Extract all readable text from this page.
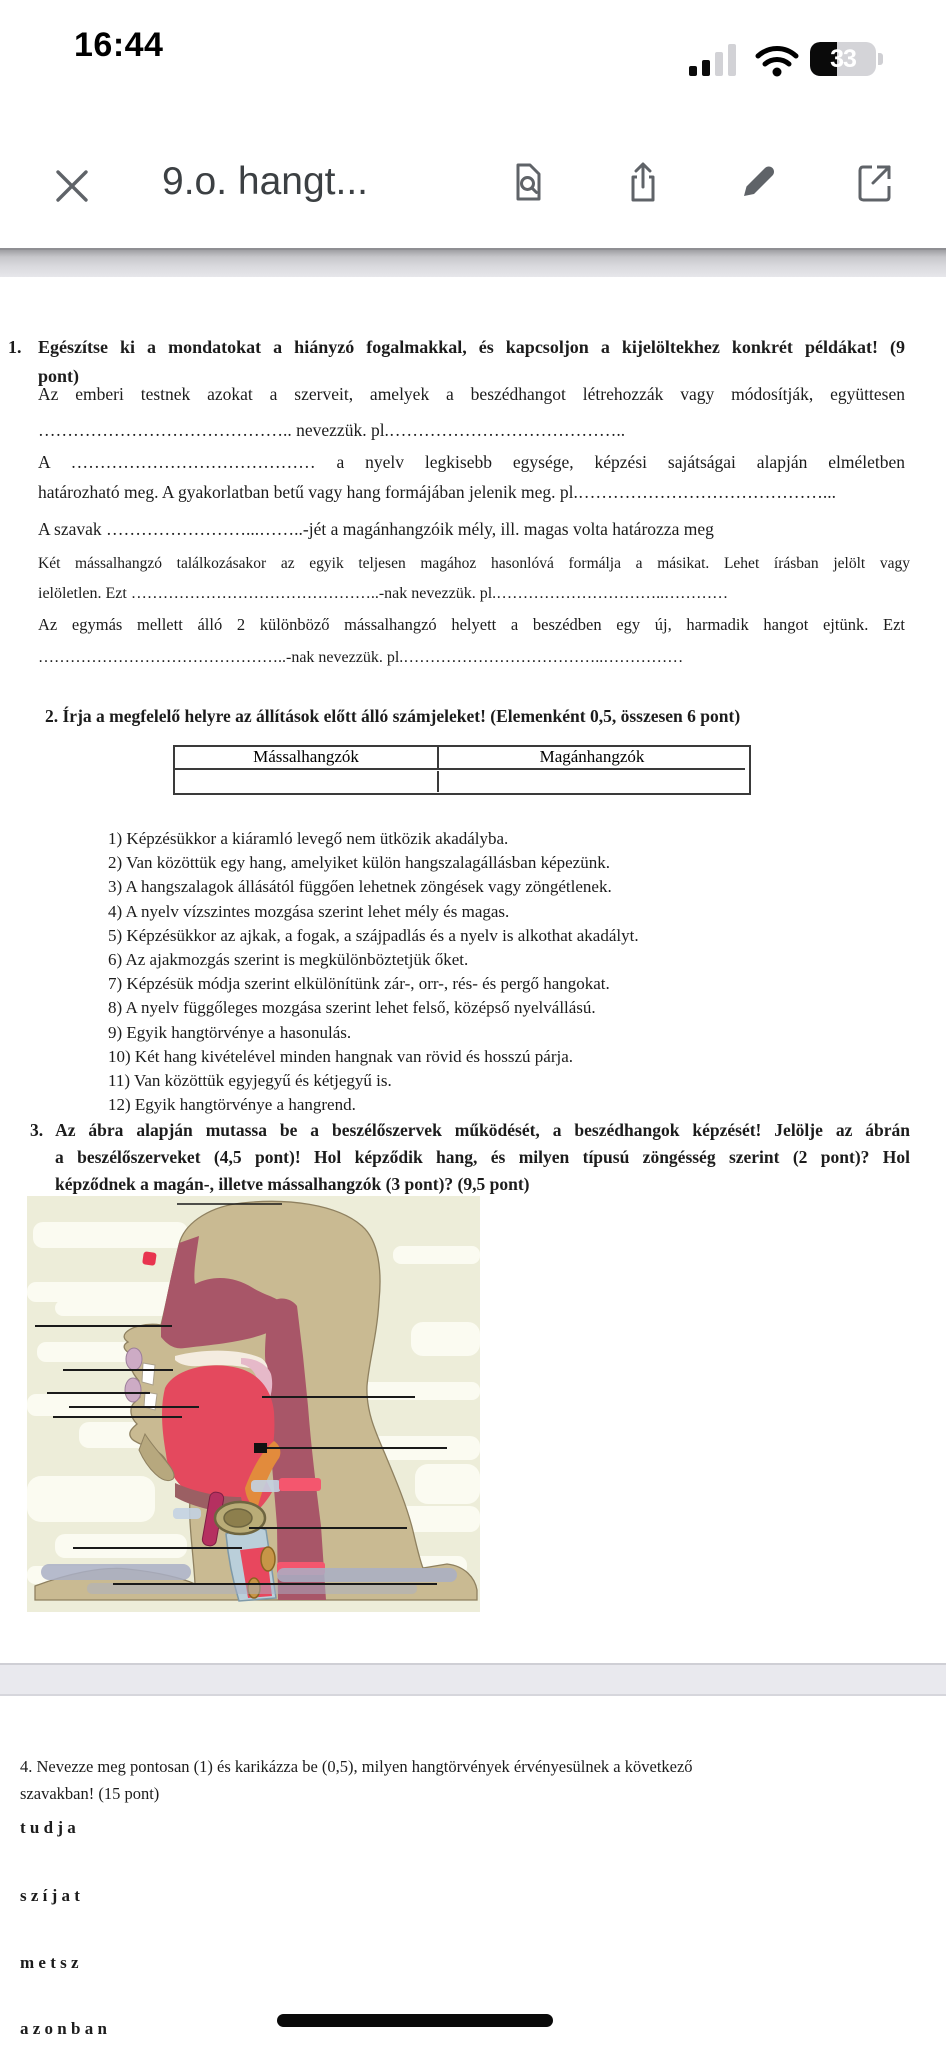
16:44	33
9.o. hangt...
1. Egészítse ki a mondatokat a hiányzó fogalmakkal, és kapcsoljon a kijelöltekhez konkrét példákat! (9
pont)
Az emberi testnek azokat a szerveit, amelyek a beszédhangot létrehozzák vagy módosítják, együttesen
…………………………………….. nevezzük. pl.…………………………………..
A …………………………………… a nyelv legkisebb egysége, képzési sajátságai alapján elméletben
határozható meg. A gyakorlatban betű vagy hang formájában jelenik meg. pl.……………………………………...
A szavak ……………………...……..-jét a magánhangzóik mély, ill. magas volta határozza meg
Két mássalhangzó találkozásakor az egyik teljesen magához hasonlóvá formálja a másikat. Lehet írásban jelölt vagy
ielöletlen. Ezt ………………………………………..-nak nevezzük. pl.…………………………..…………
Az egymás mellett álló 2 különböző mássalhangzó helyett a beszédben egy új, harmadik hangot ejtünk. Ezt
………………………………………..-nak nevezzük. pl.………………………………..……………
2. Írja a megfelelő helyre az állítások előtt álló számjeleket! (Elemenként 0,5, összesen 6 pont)
Mássalhangzók	Magánhangzók
1) Képzésükkor a kiáramló levegő nem ütközik akadályba.
2) Van közöttük egy hang, amelyiket külön hangszalagállásban képezünk.
3) A hangszalagok állásától függően lehetnek zöngések vagy zöngétlenek.
4) A nyelv vízszintes mozgása szerint lehet mély és magas.
5) Képzésükkor az ajkak, a fogak, a szájpadlás és a nyelv is alkothat akadályt.
6) Az ajakmozgás szerint is megkülönböztetjük őket.
7) Képzésük módja szerint elkülönítünk zár-, orr-, rés- és pergő hangokat.
8) A nyelv függőleges mozgása szerint lehet felső, középső nyelvállású.
9) Egyik hangtörvénye a hasonulás.
10) Két hang kivételével minden hangnak van rövid és hosszú párja.
11) Van közöttük egyjegyű és kétjegyű is.
12) Egyik hangtörvénye a hangrend.
3. Az ábra alapján mutassa be a beszélőszervek működését, a beszédhangok képzését! Jelölje az ábrán
a beszélőszerveket (4,5 pont)! Hol képződik hang, és milyen típusú zöngésség szerint (2 pont)? Hol
képződnek a magán-, illetve mássalhangzók (3 pont)? (9,5 pont)
4. Nevezze meg pontosan (1) és karikázza be (0,5), milyen hangtörvények érvényesülnek a következő
szavakban! (15 pont)
t u d j a
s z í j a t
m e t s z
a z o n b a n
